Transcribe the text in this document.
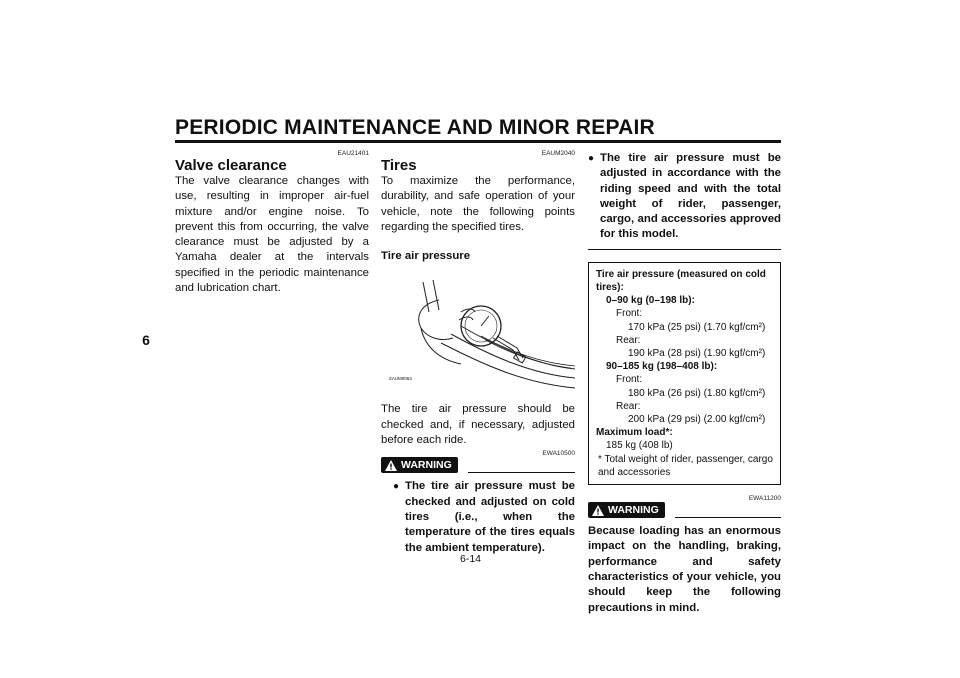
PERIODIC MAINTENANCE AND MINOR REPAIR
6
EAU21401
Valve clearance
The valve clearance changes with use, resulting in improper air-fuel mixture and/or engine noise. To prevent this from occurring, the valve clearance must be adjusted by a Yamaha dealer at the intervals specified in the periodic maintenance and lubrication chart.
EAUM2040
Tires
To maximize the performance, durability, and safe operation of your vehicle, note the following points regarding the specified tires.
Tire air pressure
ZAUM0063
The tire air pressure should be checked and, if necessary, adjusted before each ride.
EWA10500
WARNING
● The tire air pressure must be checked and adjusted on cold tires (i.e., when the temperature of the tires equals the ambient temperature).
● The tire air pressure must be adjusted in accordance with the riding speed and with the total weight of rider, passenger, cargo, and accessories approved for this model.
Tire air pressure (measured on cold tires):
0–90 kg (0–198 lb):
Front:
170 kPa (25 psi) (1.70 kgf/cm²)
Rear:
190 kPa (28 psi) (1.90 kgf/cm²)
90–185 kg (198–408 lb):
Front:
180 kPa (26 psi) (1.80 kgf/cm²)
Rear:
200 kPa (29 psi) (2.00 kgf/cm²)
Maximum load*:
185 kg (408 lb)
* Total weight of rider, passenger, cargo and accessories
EWA11200
WARNING
Because loading has an enormous impact on the handling, braking, performance and safety characteristics of your vehicle, you should keep the following precautions in mind.
6-14
